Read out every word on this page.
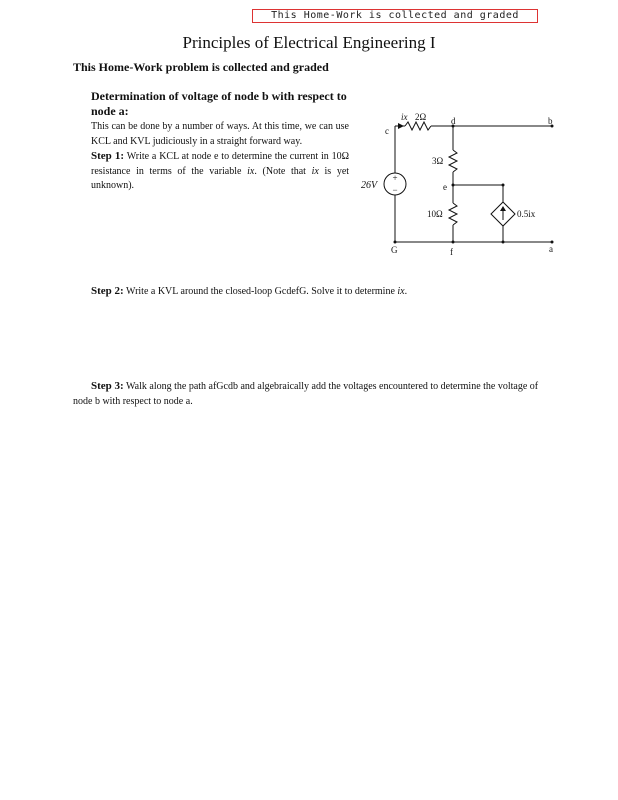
This Home-Work is collected and graded
Principles of Electrical Engineering I
This Home-Work problem is collected and graded
Determination of voltage of node b with respect to node a:
This can be done by a number of ways. At this time, we can use KCL and KVL judiciously in a straight forward way.
Step 1: Write a KCL at node e to determine the current in 10Ω resistance in terms of the variable ix. (Note that ix is yet unknown).
+
−
c
d	b
e
f
G	a
2Ω
ix
3Ω
10Ω
26V
0.5ix
Step 2: Write a KVL around the closed-loop GcdefG. Solve it to determine ix.
Step 3: Walk along the path afGcdb and algebraically add the voltages encountered to determine the voltage of node b with respect to node a.
